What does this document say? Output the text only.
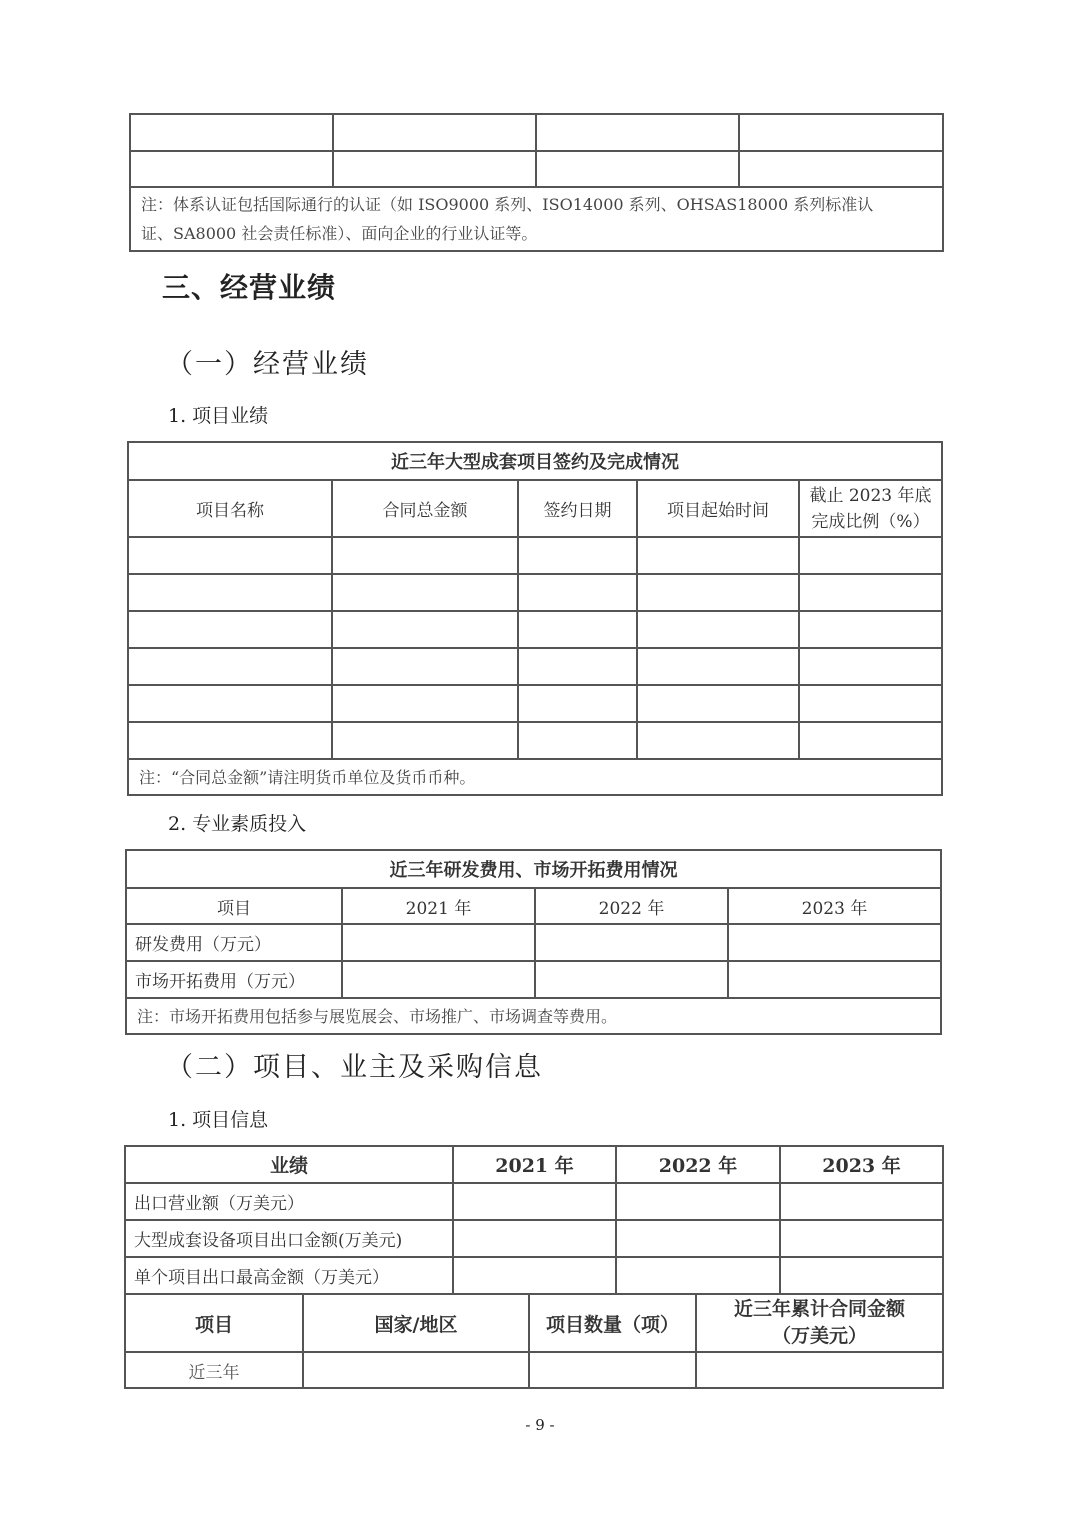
注：体系认证包括国际通行的认证（如 ISO9000 系列、ISO14000 系列、OHSAS18000 系列标准认
证、SA8000 社会责任标准）、面向企业的行业认证等。			
三、经营业绩
（一）经营业绩
1. 项目业绩
近三年大型成套项目签约及完成情况				
项目名称	合同总金额	签约日期	项目起始时间	截止 2023 年底
完成比例（%）

注：“合同总金额”请注明货币单位及货币币种。				
2. 专业素质投入
近三年研发费用、市场开拓费用情况			
项目	2021 年	2022 年	2023 年
研发费用（万元）			
市场开拓费用（万元）			
注：市场开拓费用包括参与展览展会、市场推广、市场调查等费用。			
（二）项目、业主及采购信息
1. 项目信息
业绩	2021 年	2022 年	2023 年
出口营业额（万美元）			
大型成套设备项目出口金额(万美元)			
单个项目出口最高金额（万美元）			
项目	国家/地区	项目数量（项）	近三年累计合同金额
（万美元）

近三年			
- 9 -
